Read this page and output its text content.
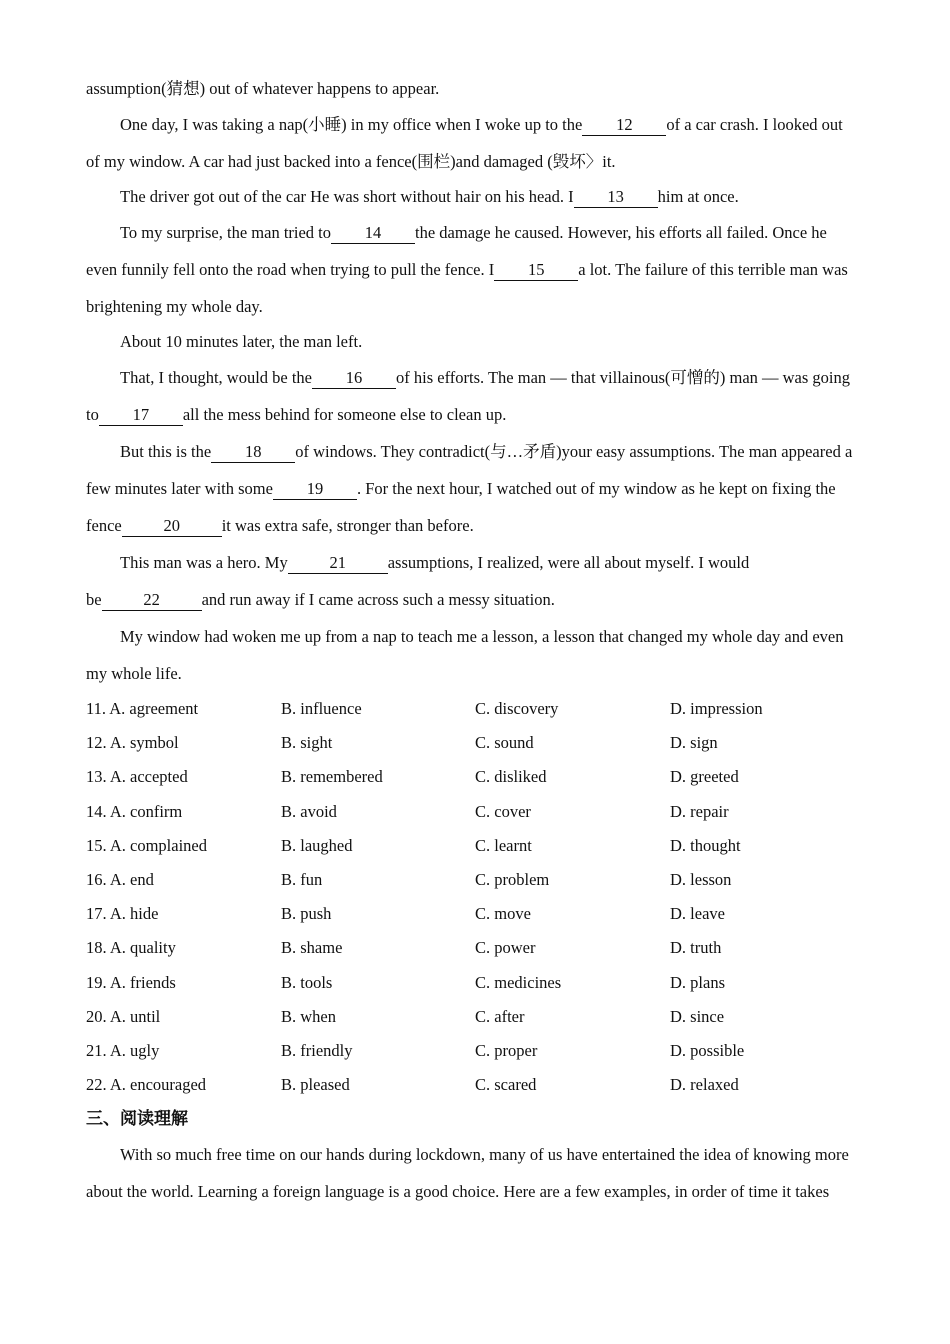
assumption(猜想) out of whatever happens to appear.
One day, I was taking a nap(小睡) in my office when I woke up to the 12 of a car crash. I looked out
of my window. A car had just backed into a fence(围栏)and damaged (毁坏〉it.
The driver got out of the car He was short without hair on his head. I 13 him at once.
To my surprise, the man tried to 14 the damage he caused. However, his efforts all failed. Once he
even funnily fell onto the road when trying to pull the fence. I 15 a lot. The failure of this terrible man was
brightening my whole day.
About 10 minutes later, the man left.
That, I thought, would be the 16 of his efforts. The man — that villainous(可憎的) man — was going
to 17 all the mess behind for someone else to clean up.
But this is the 18 of windows. They contradict(与…矛盾)your easy assumptions. The man appeared a
few minutes later with some 19 . For the next hour, I watched out of my window as he kept on fixing the
fence	20	it was extra safe, stronger than before.
This man was a hero. My	21	assumptions, I realized, were all about myself. I would
be	22	and run away if I came across such a messy situation.
My window had woken me up from a nap to teach me a lesson, a lesson that changed my whole day and even
my whole life.
11. A. agreement	B. influence	C. discovery	D. impression
12. A. symbol	B. sight	C. sound	D. sign
13. A. accepted	B. remembered	C. disliked	D. greeted
14. A. confirm	B. avoid	C. cover	D. repair
15. A. complained	B. laughed	C. learnt	D. thought
16. A. end	B. fun	C. problem	D. lesson
17. A. hide	B. push	C. move	D. leave
18. A. quality	B. shame	C. power	D. truth
19. A. friends	B. tools	C. medicines	D. plans
20. A. until	B. when	C. after	D. since
21. A. ugly	B. friendly	C. proper	D. possible
22. A. encouraged	B. pleased	C. scared	D. relaxed
三、阅读理解
With so much free time on our hands during lockdown, many of us have entertained the idea of knowing more
about the world. Learning a foreign language is a good choice. Here are a few examples, in order of time it takes
